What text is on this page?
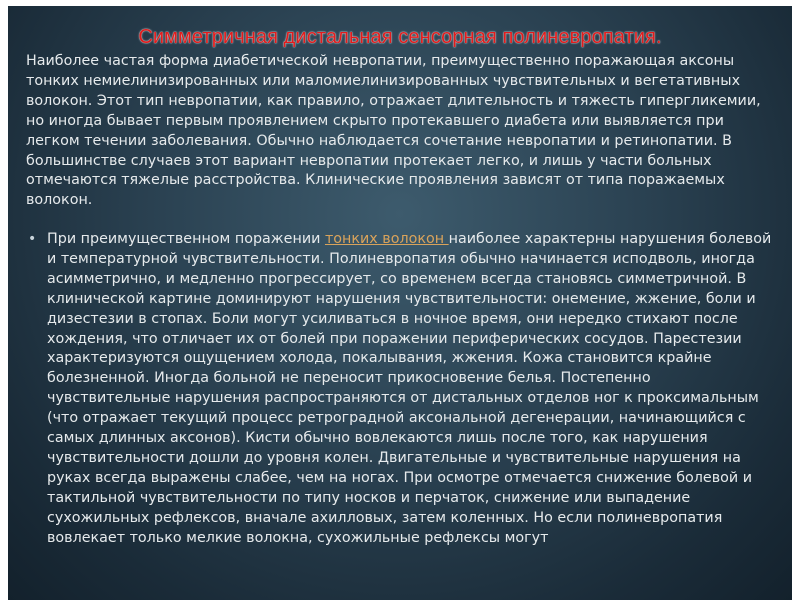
Симметричная дистальная сенсорная полиневропатия.

Наиболее частая форма диабетической невропатии, преимущественно поражающая аксоны тонких немиелинизированных или маломиелинизированных чувствительных и вегетативных волокон. Этот тип невропатии, как правило, отражает длительность и тяжесть гипергликемии, но иногда бывает первым проявлением скрыто протекавшего диабета или выявляется при легком течении заболевания. Обычно наблюдается сочетание невропатии и ретинопатии. В большинстве случаев этот вариант невропатии протекает легко, и лишь у части больных отмечаются тяжелые расстройства. Клинические проявления зависят от типа поражаемых волокон.

• При преимущественном поражении тонких волокон наиболее характерны нарушения болевой и температурной чувствительности. Полиневропатия обычно начинается исподволь, иногда асимметрично, и медленно прогрессирует, со временем всегда становясь симметричной. В клинической картине доминируют нарушения чувствительности: онемение, жжение, боли и дизестезии в стопах. Боли могут усиливаться в ночное время, они нередко стихают после хождения, что отличает их от болей при поражении периферических сосудов. Парестезии характеризуются ощущением холода, покалывания, жжения. Кожа становится крайне болезненной. Иногда больной не переносит прикосновение белья. Постепенно чувствительные нарушения распространяются от дистальных отделов ног к проксимальным (что отражает текущий процесс ретроградной аксональной дегенерации, начинающийся с самых длинных аксонов). Кисти обычно вовлекаются лишь после того, как нарушения чувствительности дошли до уровня колен. Двигательные и чувствительные нарушения на руках всегда выражены слабее, чем на ногах. При осмотре отмечается снижение болевой и тактильной чувствительности по типу носков и перчаток, снижение или выпадение сухожильных рефлексов, вначале ахилловых, затем коленных. Но если полиневропатия вовлекает только мелкие волокна, сухожильные рефлексы могут
